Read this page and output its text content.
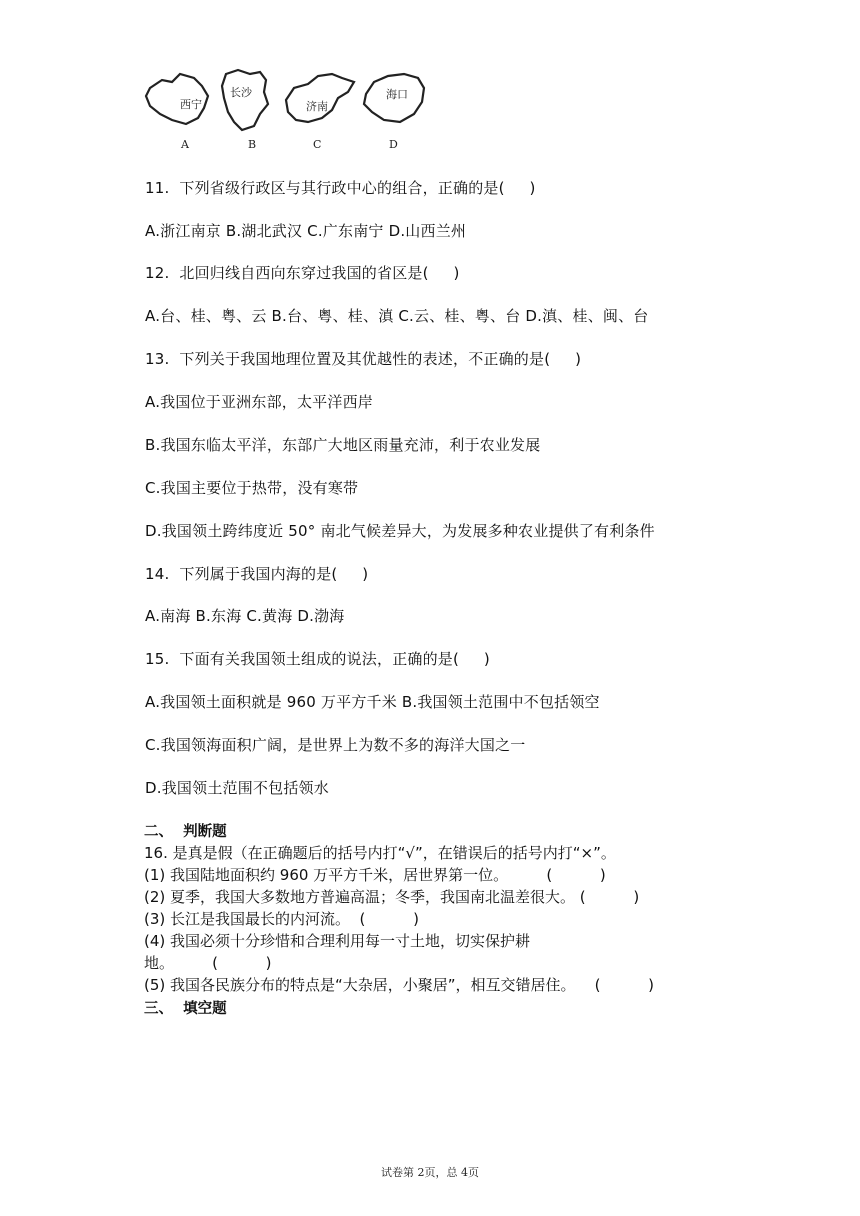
西宁
长沙
济南
海口
A	B	C	D
11.  下列省级行政区与其行政中心的组合，正确的是(     )
A.浙江南京 B.湖北武汉 C.广东南宁 D.山西兰州
12.  北回归线自西向东穿过我国的省区是(     )
A.台、桂、粤、云 B.台、粤、桂、滇 C.云、桂、粤、台 D.滇、桂、闽、台
13.  下列关于我国地理位置及其优越性的表述，不正确的是(     )
A.我国位于亚洲东部，太平洋西岸
B.我国东临太平洋，东部广大地区雨量充沛，利于农业发展
C.我国主要位于热带，没有寒带
D.我国领土跨纬度近 50° 南北气候差异大，为发展多种农业提供了有利条件
14.  下列属于我国内海的是(     )
A.南海 B.东海 C.黄海 D.渤海
15.  下面有关我国领土组成的说法，正确的是(     )
A.我国领土面积就是 960 万平方千米 B.我国领土范围中不包括领空
C.我国领海面积广阔，是世界上为数不多的海洋大国之一
D.我国领土范围不包括领水
二、  判断题
16. 是真是假（在正确题后的括号内打“√”，在错误后的括号内打“×”。
(1) 我国陆地面积约 960 万平方千米，居世界第一位。        (          )
(2) 夏季，我国大多数地方普遍高温；冬季，我国南北温差很大。 (          )
(3) 长江是我国最长的内河流。  (          )
(4) 我国必须十分珍惜和合理利用每一寸土地，切实保护耕
地。        (          )
(5) 我国各民族分布的特点是“大杂居，小聚居”，相互交错居住。    (          )
三、  填空题
试卷第 2页，总 4页
